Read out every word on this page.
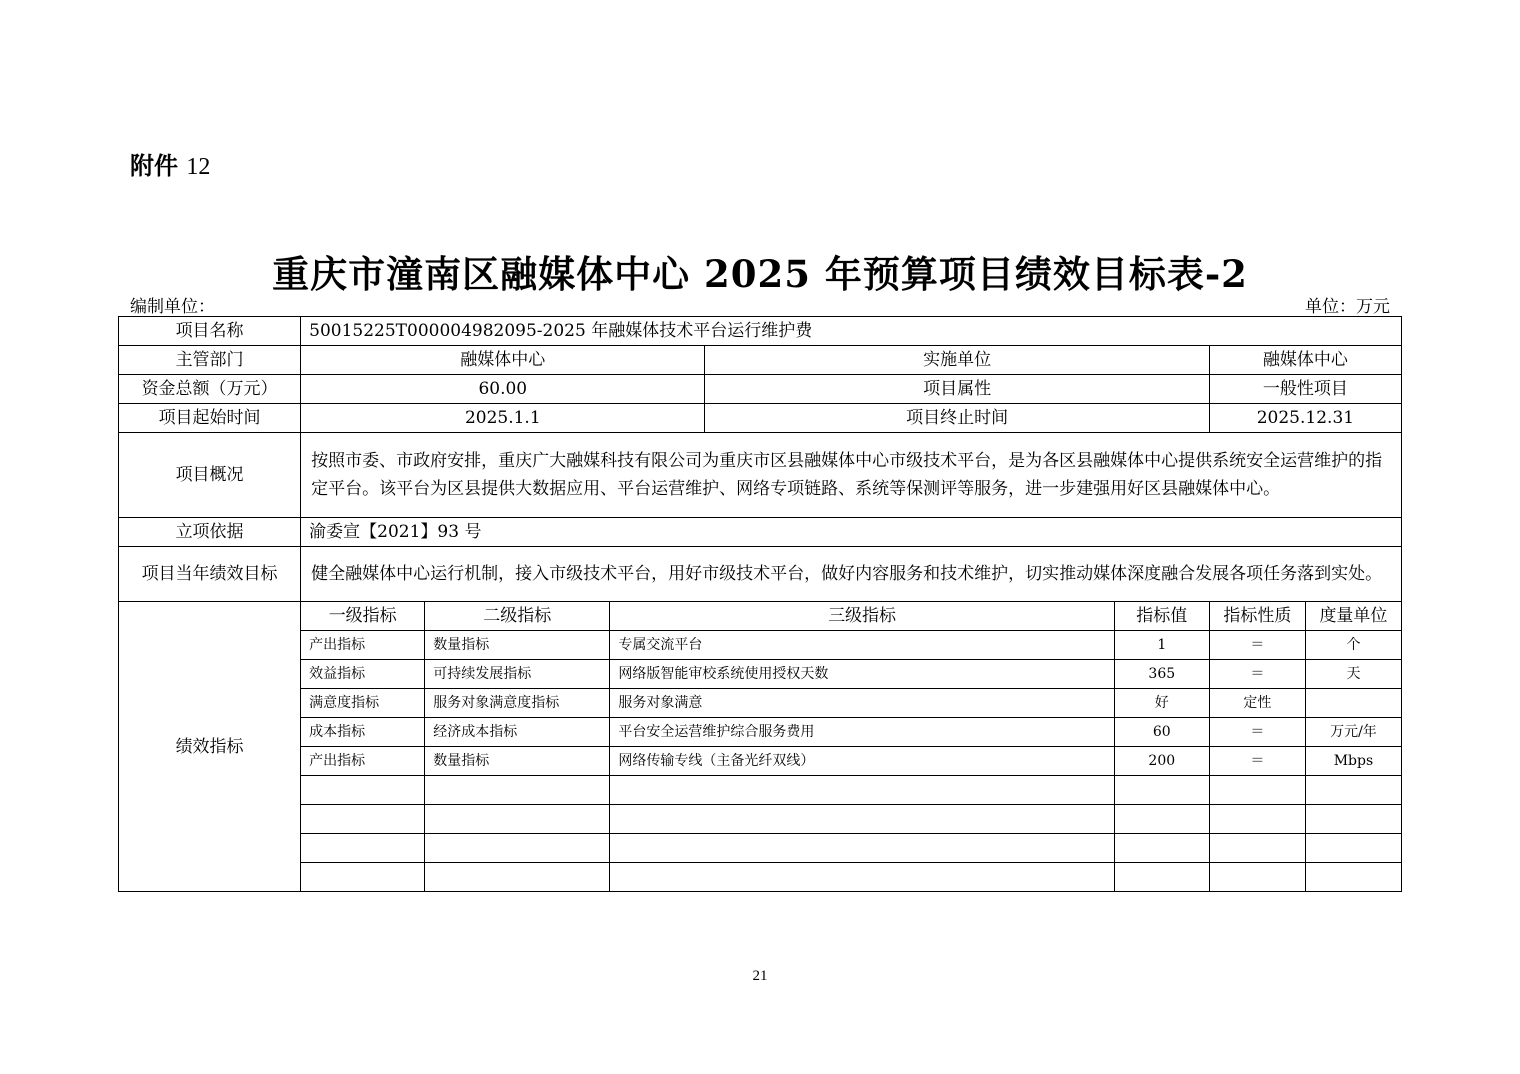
附件 12
重庆市潼南区融媒体中心 2025 年预算项目绩效目标表-2
编制单位：	单位：万元
项目名称	50015225T000004982095-2025 年融媒体技术平台运行维护费						
主管部门	融媒体中心			实施单位		融媒体中心	
资金总额（万元）	60.00			项目属性		一般性项目	
项目起始时间	2025.1.1			项目终止时间		2025.12.31	
项目概况	按照市委、市政府安排，重庆广大融媒科技有限公司为重庆市区县融媒体中心市级技术平台，是为各区县融媒体中心提供系统安全运营维护的指定平台。该平台为区县提供大数据应用、平台运营维护、网络专项链路、系统等保测评等服务，进一步建强用好区县融媒体中心。						
立项依据	渝委宣【2021】93 号						
项目当年绩效目标	健全融媒体中心运行机制，接入市级技术平台，用好市级技术平台，做好内容服务和技术维护，切实推动媒体深度融合发展各项任务落到实处。						
绩效指标	一级指标	二级指标	三级指标		指标值	指标性质	度量单位
	产出指标	数量指标	专属交流平台		1	＝	个
	效益指标	可持续发展指标	网络版智能审校系统使用授权天数		365	＝	天
	满意度指标	服务对象满意度指标	服务对象满意		好	定性	
	成本指标	经济成本指标	平台安全运营维护综合服务费用		60	＝	万元/年
	产出指标	数量指标	网络传输专线（主备光纤双线）		200	＝	Mbps

21
